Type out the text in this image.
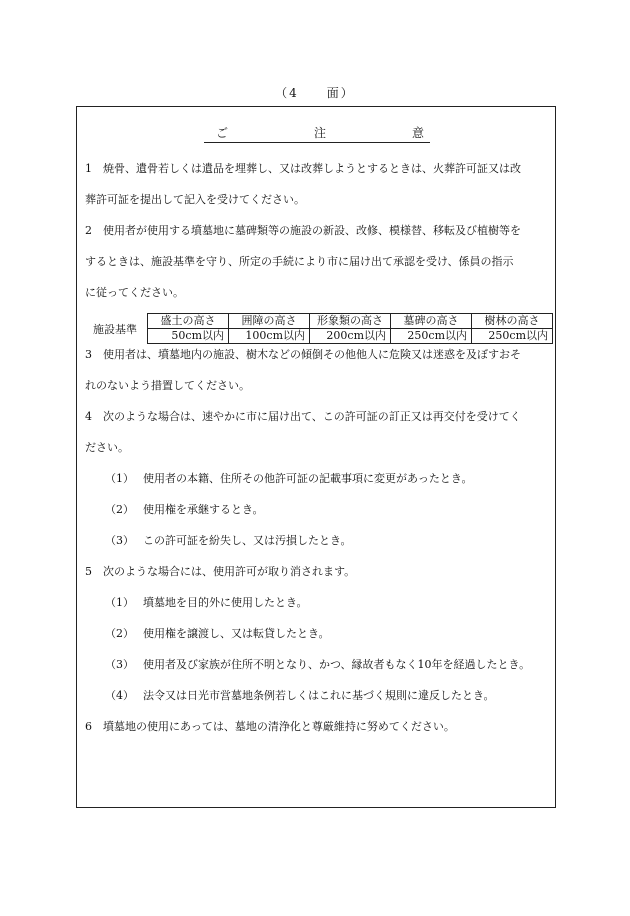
（4　　面）
ご	注	意

1　焼骨、遺骨若しくは遺品を埋葬し、又は改葬しようとするときは、火葬許可証又は改

葬許可証を提出して記入を受けてください。

2　使用者が使用する墳墓地に墓碑類等の施設の新設、改修、模様替、移転及び植樹等を

するときは、施設基準を守り、所定の手続により市に届け出て承認を受け、係員の指示

に従ってください。

3　使用者は、墳墓地内の施設、樹木などの傾倒その他他人に危険又は迷惑を及ぼすおそ

れのないよう措置してください。

4　次のような場合は、速やかに市に届け出て、この許可証の訂正又は再交付を受けてく

ださい。

（1） 使用者の本籍、住所その他許可証の記載事項に変更があったとき。

（2） 使用権を承継するとき。

（3） この許可証を紛失し、又は汚損したとき。

5　次のような場合には、使用許可が取り消されます。

（1） 墳墓地を目的外に使用したとき。

（2） 使用権を譲渡し、又は転貸したとき。

（3） 使用者及び家族が住所不明となり、かつ、縁故者もなく10年を経過したとき。

（4） 法令又は日光市営墓地条例若しくはこれに基づく規則に違反したとき。

6　墳墓地の使用にあっては、墓地の清浄化と尊厳維持に努めてください。

施設基準	盛土の高さ	囲障の高さ	形象類の高さ	墓碑の高さ	樹林の高さ
	50cm以内	100cm以内	200cm以内	250cm以内	250cm以内
